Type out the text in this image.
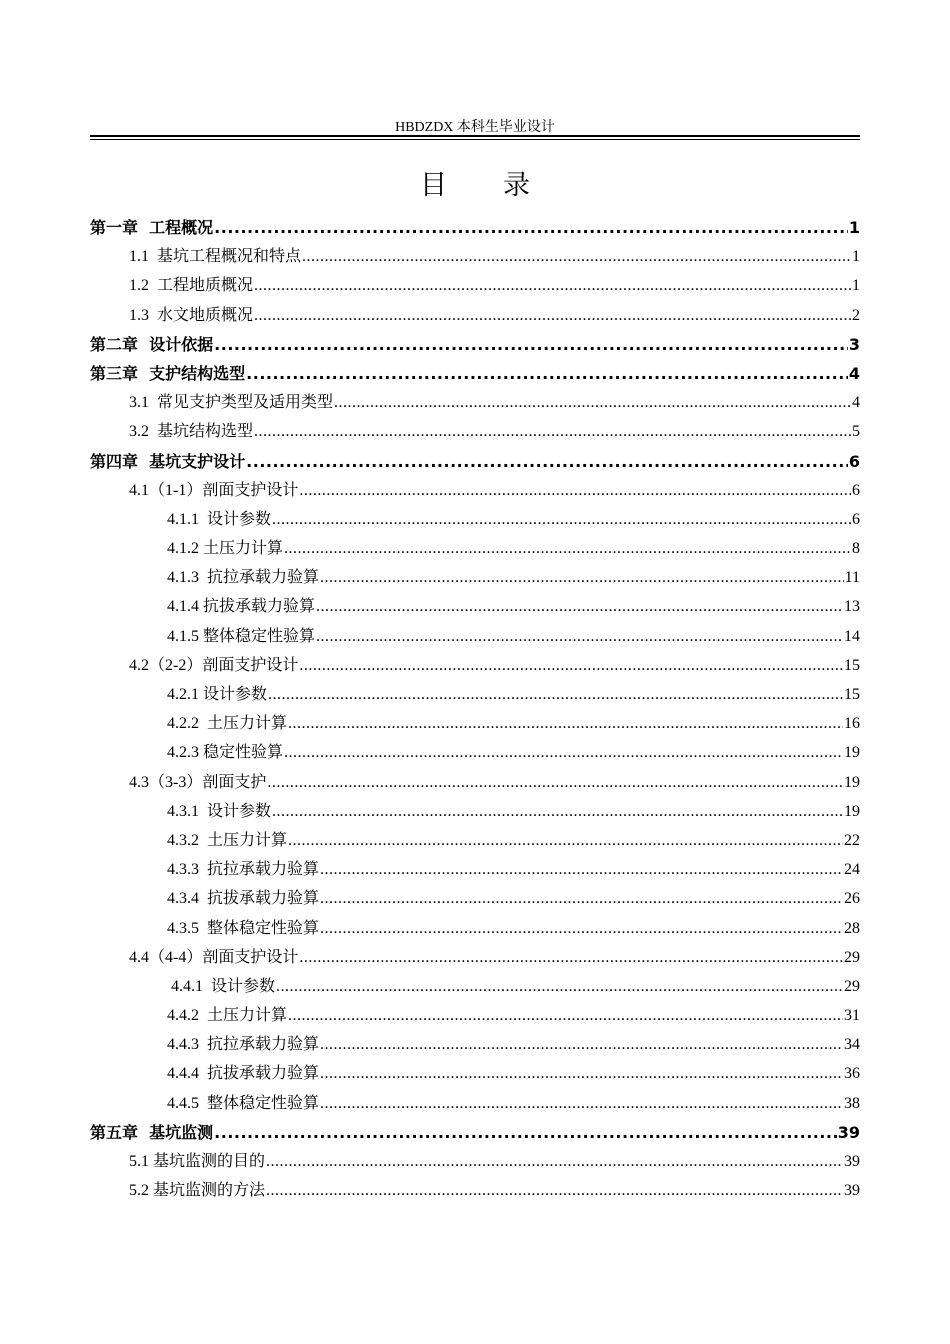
HBDZDX 本科生毕业设计
目录
第一章  工程概况 .....	1
1.1  基坑工程概况和特点 .....	1
1.2  工程地质概况 .....	1
1.3  水文地质概况 .....	2
第二章  设计依据 .....	3
第三章  支护结构选型 .....	4
3.1  常见支护类型及适用类型 .....	4
3.2  基坑结构选型 .....	5
第四章  基坑支护设计 .....	6
4.1（1-1）剖面支护设计 .....	6
4.1.1  设计参数 .....	6
4.1.2 土压力计算 .....	8
4.1.3  抗拉承载力验算 .....	11
4.1.4 抗拔承载力验算 .....	13
4.1.5 整体稳定性验算 .....	14
4.2（2-2）剖面支护设计 .....	15
4.2.1 设计参数 .....	15
4.2.2  土压力计算 .....	16
4.2.3 稳定性验算 .....	19
4.3（3-3）剖面支护 .....	19
4.3.1  设计参数 .....	19
4.3.2  土压力计算 .....	22
4.3.3  抗拉承载力验算 .....	24
4.3.4  抗拔承载力验算 .....	26
4.3.5  整体稳定性验算 .....	28
4.4（4-4）剖面支护设计 .....	29
4.4.1  设计参数 .....	29
4.4.2  土压力计算 .....	31
4.4.3  抗拉承载力验算 .....	34
4.4.4  抗拔承载力验算 .....	36
4.4.5  整体稳定性验算 .....	38
第五章  基坑监测 .....	39
5.1 基坑监测的目的 .....	39
5.2 基坑监测的方法 .....	39
